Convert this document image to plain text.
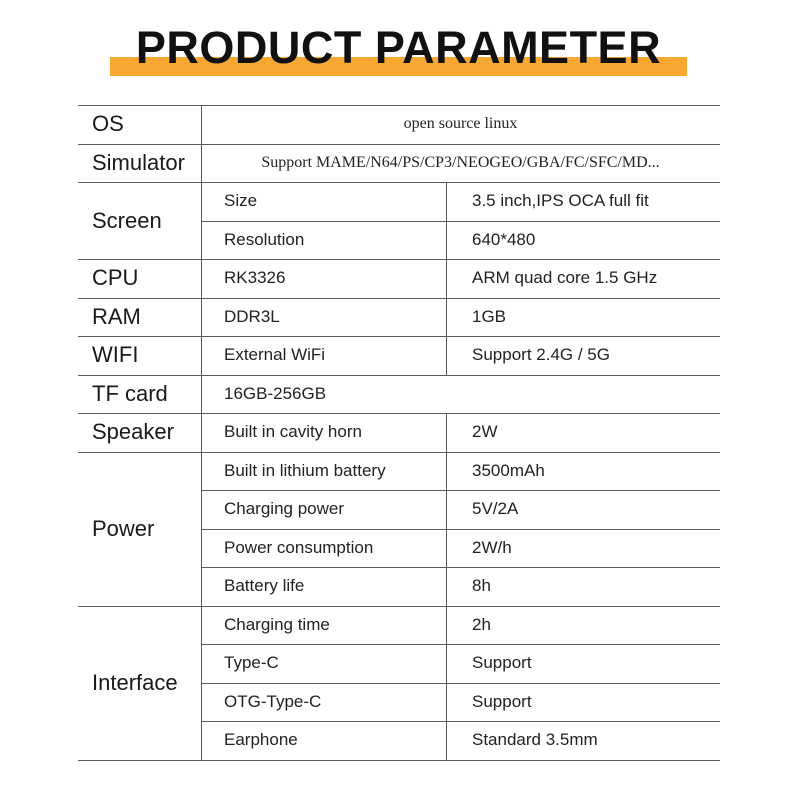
PRODUCT PARAMETER
OS	open source linux
Simulator	Support MAME/N64/PS/CP3/NEOGEO/GBA/FC/SFC/MD...
Screen
Size	3.5 inch,IPS OCA full fit
Resolution	640*480
CPU	RK3326	ARM quad core 1.5 GHz
RAM	DDR3L	1GB
WIFI	External WiFi	Support 2.4G / 5G
TF card	16GB-256GB
Speaker	Built in cavity horn	2W
Power
Built in lithium battery	3500mAh
Charging power	5V/2A
Power consumption	2W/h
Battery life	8h
Interface
Charging time	2h
Type-C	Support
OTG-Type-C	Support
Earphone	Standard 3.5mm
